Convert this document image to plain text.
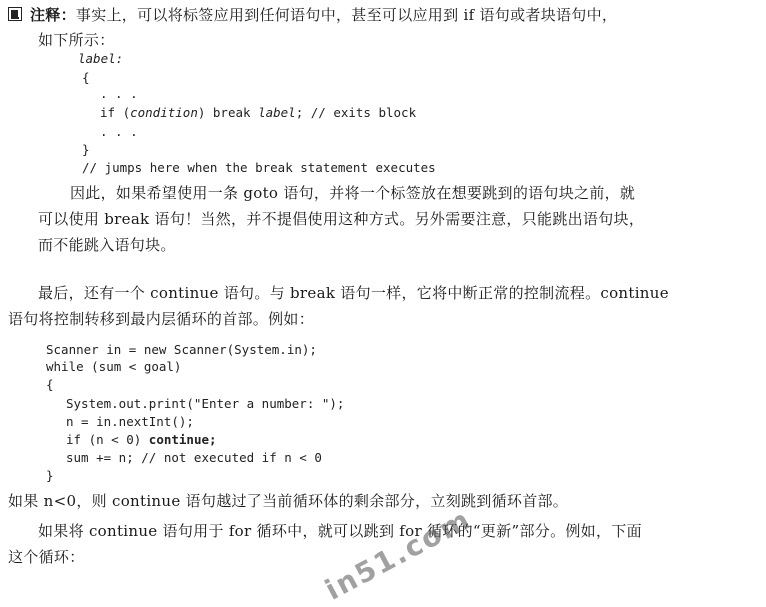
注释：事实上，可以将标签应用到任何语句中，甚至可以应用到 if 语句或者块语句中，
如下所示：
label:
{
. . .
if (condition) break label; // exits block
. . .
}
// jumps here when the break statement executes
因此，如果希望使用一条 goto 语句，并将一个标签放在想要跳到的语句块之前，就
可以使用 break 语句！当然，并不提倡使用这种方式。另外需要注意，只能跳出语句块，
而不能跳入语句块。
最后，还有一个 continue 语句。与 break 语句一样，它将中断正常的控制流程。continue
语句将控制转移到最内层循环的首部。例如：
Scanner in = new Scanner(System.in);
while (sum < goal)
{
System.out.print("Enter a number: ");
n = in.nextInt();
if (n < 0) continue;
sum += n; // not executed if n < 0
}
如果 n<0，则 continue 语句越过了当前循环体的剩余部分，立刻跳到循环首部。
如果将 continue 语句用于 for 循环中，就可以跳到 for 循环的“更新”部分。例如，下面
这个循环：	in51.com
